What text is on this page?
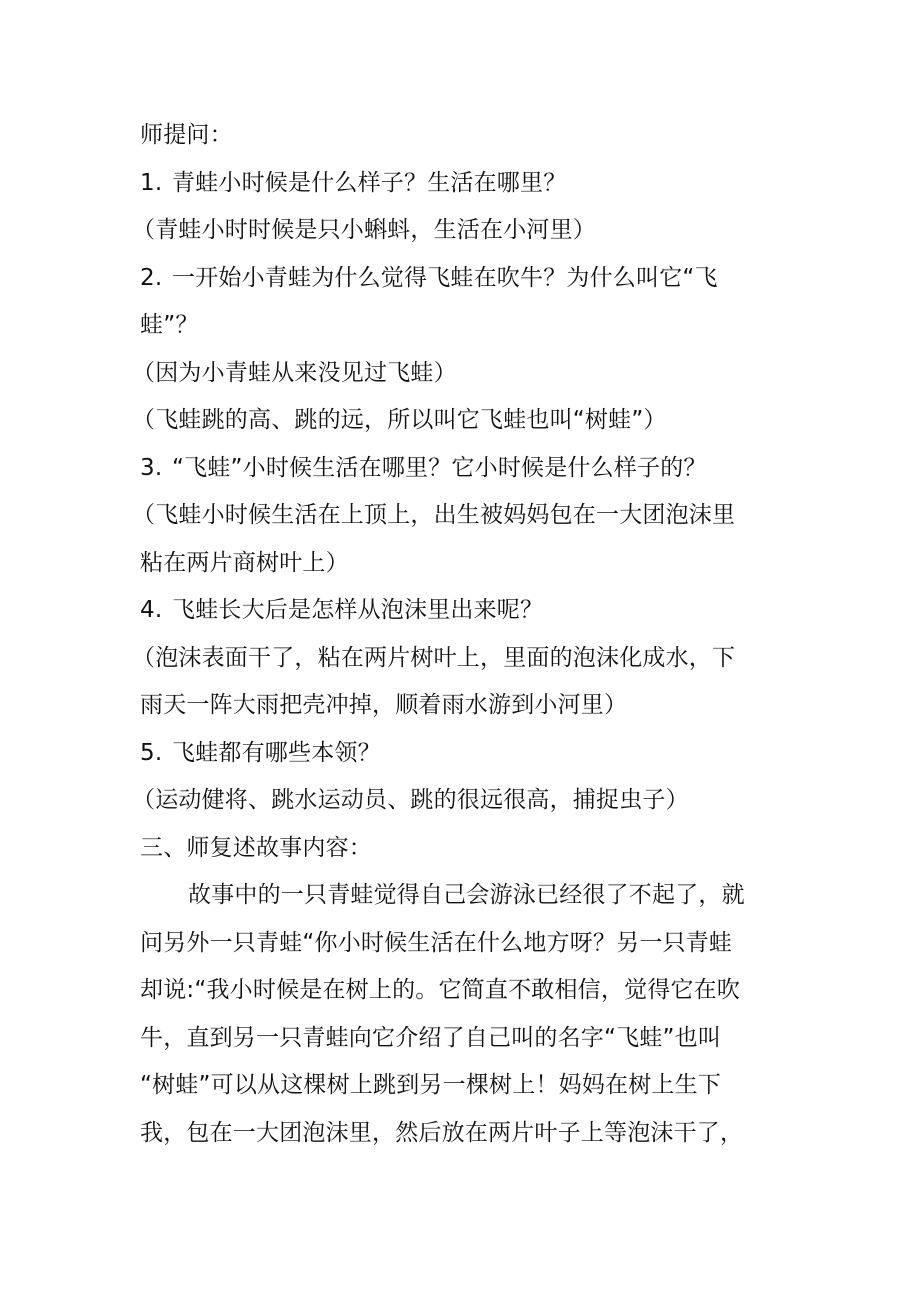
师提问：
1. 青蛙小时候是什么样子？生活在哪里？
（青蛙小时时候是只小蝌蚪，生活在小河里）
2. 一开始小青蛙为什么觉得飞蛙在吹牛？为什么叫它“飞
蛙”？
（因为小青蛙从来没见过飞蛙）
（飞蛙跳的高、跳的远，所以叫它飞蛙也叫“树蛙”）
3. “飞蛙”小时候生活在哪里？它小时候是什么样子的？
（飞蛙小时候生活在上顶上，出生被妈妈包在一大团泡沫里
粘在两片商树叶上）
4. 飞蛙长大后是怎样从泡沫里出来呢？
（泡沫表面干了，粘在两片树叶上，里面的泡沫化成水，下
雨天一阵大雨把壳冲掉，顺着雨水游到小河里）
5. 飞蛙都有哪些本领？
（运动健将、跳水运动员、跳的很远很高，捕捉虫子）
三、师复述故事内容：
故事中的一只青蛙觉得自己会游泳已经很了不起了，就
问另外一只青蛙“你小时候生活在什么地方呀？另一只青蛙
却说:“我小时候是在树上的。它简直不敢相信，觉得它在吹
牛，直到另一只青蛙向它介绍了自己叫的名字“飞蛙”也叫
“树蛙”可以从这棵树上跳到另一棵树上！妈妈在树上生下
我，包在一大团泡沫里，然后放在两片叶子上等泡沫干了，
